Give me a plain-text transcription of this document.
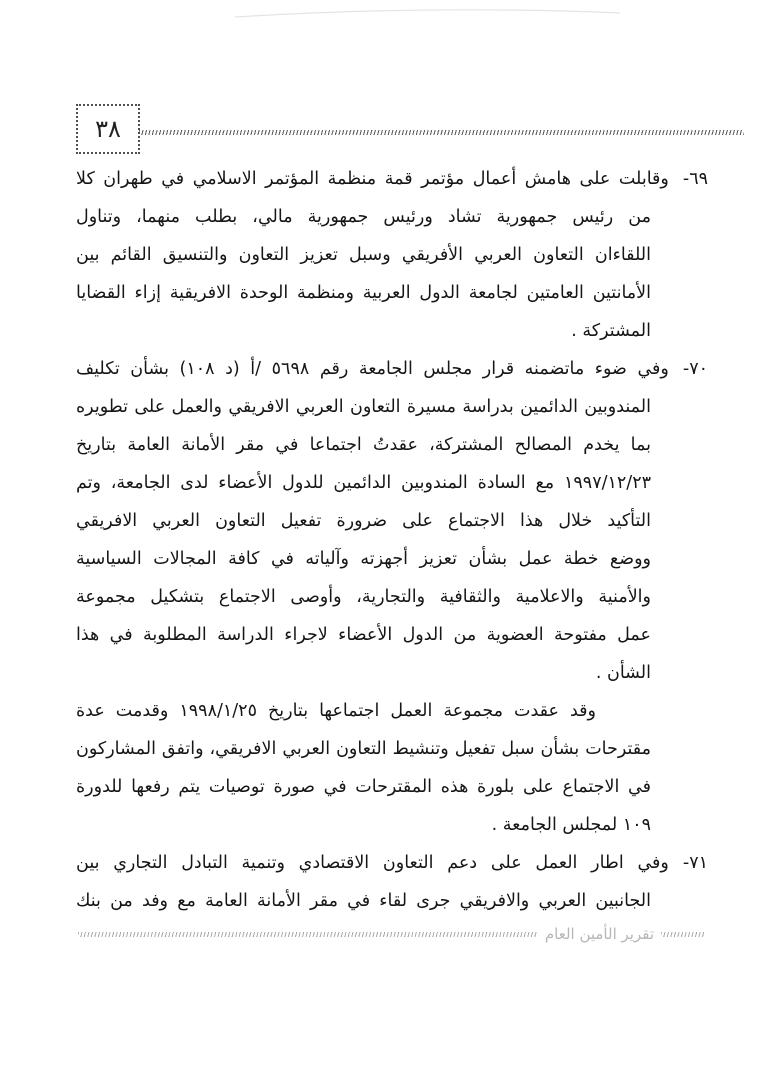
٣٨
٦٩-وقابلت على هامش أعمال مؤتمر قمة منظمة المؤتمر الاسلامي في طهران كلا
من رئيس جمهورية تشاد ورئيس جمهورية مالي، بطلب منهما، وتناول
اللقاءان التعاون العربي الأفريقي وسبل تعزيز التعاون والتنسيق القائم بين
الأمانتين العامتين لجامعة الدول العربية ومنظمة الوحدة الافريقية إزاء القضايا
المشتركة .
٧٠-وفي ضوء ماتضمنه قرار مجلس الجامعة رقم ٥٦٩٨ /أ (د ١٠٨) بشأن تكليف
المندوبين الدائمين بدراسة مسيرة التعاون العربي الافريقي والعمل على تطويره
بما يخدم المصالح المشتركة، عقدتُ اجتماعا في مقر الأمانة العامة بتاريخ
١٩٩٧/١٢/٢٣ مع السادة المندوبين الدائمين للدول الأعضاء لدى الجامعة، وتم
التأكيد خلال هذا الاجتماع على ضرورة تفعيل التعاون العربي الافريقي
ووضع خطة عمل بشأن تعزيز أجهزته وآلياته في كافة المجالات السياسية
والأمنية والاعلامية والثقافية والتجارية، وأوصى الاجتماع بتشكيل مجموعة
عمل مفتوحة العضوية من الدول الأعضاء لاجراء الدراسة المطلوبة في هذا
الشأن .
وقد عقدت مجموعة العمل اجتماعها بتاريخ ١٩٩٨/١/٢٥ وقدمت عدة
مقترحات بشأن سبل تفعيل وتنشيط التعاون العربي الافريقي، واتفق المشاركون
في الاجتماع على بلورة هذه المقترحات في صورة توصيات يتم رفعها للدورة
١٠٩ لمجلس الجامعة .
٧١-وفي اطار العمل على دعم التعاون الاقتصادي وتنمية التبادل التجاري بين
الجانبين العربي والافريقي جرى لقاء في مقر الأمانة العامة مع وفد من بنك
تقرير الأمين العام
